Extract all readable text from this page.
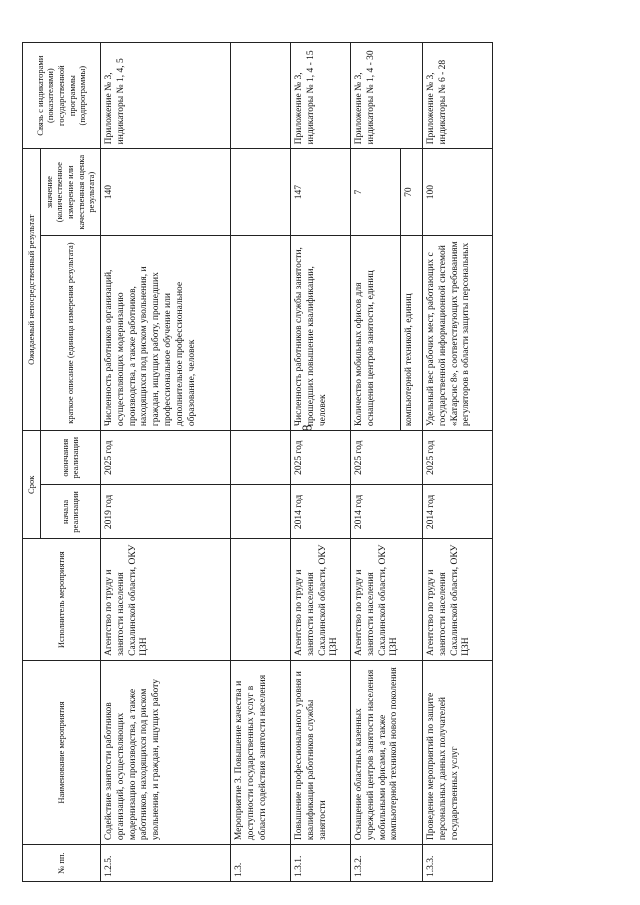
8
№ пп.	Наименование мероприятия	Исполнитель мероприятия	Срок		Ожидаемый непосредственный результат		Связь с индикаторами (показателями) государственной программы (подпрограммы)
			начала реализации	окончания реализации	краткое описание (единица измерения результата)	значение (количественное измерение или качественная оценка результата)	
1.2.5.	Содействие занятости работников организаций, осуществляющих модернизацию производства, а также работников, находящихся под риском увольнения, и граждан, ищущих работу	Агентство по труду и занятости населения Сахалинской области, ОКУ ЦЗН	2019 год	2025 год	Численность работников организаций, осуществляющих модернизацию производства, а также работников, находящихся под риском увольнения, и граждан, ищущих работу, прошедших профессиональное обучение или дополнительное профессиональное образование, человек	140	Приложение № 3, индикаторы № 1, 4, 5
1.3.	Мероприятие 3. Повышение качества и доступности государственных услуг в области содействия занятости населения						
1.3.1.	Повышение профессионального уровня и квалификации работников службы занятости	Агентство по труду и занятости населения Сахалинской области, ОКУ ЦЗН	2014 год	2025 год	Численность работников службы занятости, прошедших повышение квалификации, человек	147	Приложение № 3, индикаторы № 1, 4 - 15
1.3.2.	Оснащение областных казенных учреждений центров занятости населения мобильными офисами, а также компьютерной техникой нового поколения	Агентство по труду и занятости населения Сахалинской области, ОКУ ЦЗН	2014 год	2025 год	Количество мобильных офисов для оснащения центров занятости, единиц	7	Приложение № 3, индикаторы № 1, 4 - 30
					компьютерной техникой, единиц	70	
1.3.3.	Проведение мероприятий по защите персональных данных получателей государственных услуг	Агентство по труду и занятости населения Сахалинской области, ОКУ ЦЗН	2014 год	2025 год	Удельный вес рабочих мест, работающих с государственной информационной системой «Катарсис 8», соответствующих требованиям регуляторов в области защиты персональных	100	Приложение № 3, индикаторы № 6 - 28
